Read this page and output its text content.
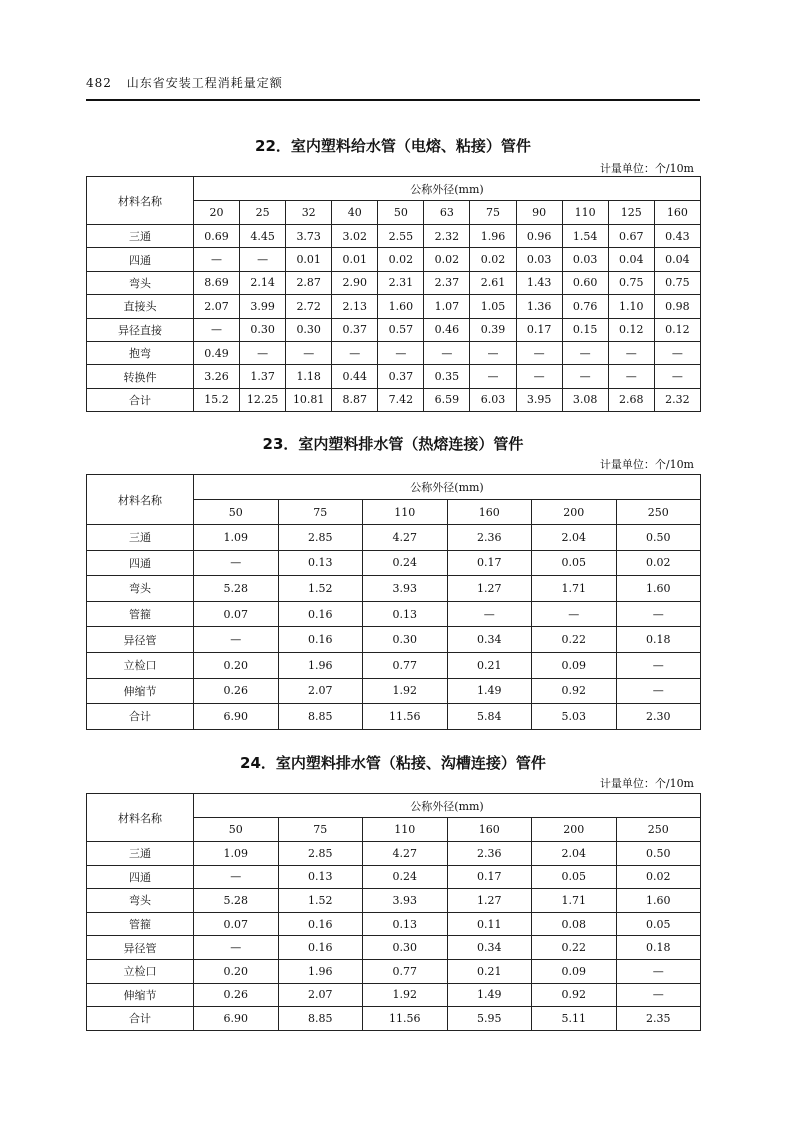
482 山东省安装工程消耗量定额
22．室内塑料给水管（电熔、粘接）管件
计量单位：个/10m
材料名称	公称外径(mm)										
	20	25	32	40	50	63	75	90	110	125	160
三通	0.69	4.45	3.73	3.02	2.55	2.32	1.96	0.96	1.54	0.67	0.43
四通	—	—	0.01	0.01	0.02	0.02	0.02	0.03	0.03	0.04	0.04
弯头	8.69	2.14	2.87	2.90	2.31	2.37	2.61	1.43	0.60	0.75	0.75
直接头	2.07	3.99	2.72	2.13	1.60	1.07	1.05	1.36	0.76	1.10	0.98
异径直接	—	0.30	0.30	0.37	0.57	0.46	0.39	0.17	0.15	0.12	0.12
抱弯	0.49	—	—	—	—	—	—	—	—	—	—
转换件	3.26	1.37	1.18	0.44	0.37	0.35	—	—	—	—	—
合计	15.2	12.25	10.81	8.87	7.42	6.59	6.03	3.95	3.08	2.68	2.32
23．室内塑料排水管（热熔连接）管件
计量单位：个/10m
材料名称	公称外径(mm)					
	50	75	110	160	200	250
三通	1.09	2.85	4.27	2.36	2.04	0.50
四通	—	0.13	0.24	0.17	0.05	0.02
弯头	5.28	1.52	3.93	1.27	1.71	1.60
管箍	0.07	0.16	0.13	—	—	—
异径管	—	0.16	0.30	0.34	0.22	0.18
立检口	0.20	1.96	0.77	0.21	0.09	—
伸缩节	0.26	2.07	1.92	1.49	0.92	—
合计	6.90	8.85	11.56	5.84	5.03	2.30
24．室内塑料排水管（粘接、沟槽连接）管件
计量单位：个/10m
材料名称	公称外径(mm)					
	50	75	110	160	200	250
三通	1.09	2.85	4.27	2.36	2.04	0.50
四通	—	0.13	0.24	0.17	0.05	0.02
弯头	5.28	1.52	3.93	1.27	1.71	1.60
管箍	0.07	0.16	0.13	0.11	0.08	0.05
异径管	—	0.16	0.30	0.34	0.22	0.18
立检口	0.20	1.96	0.77	0.21	0.09	—
伸缩节	0.26	2.07	1.92	1.49	0.92	—
合计	6.90	8.85	11.56	5.95	5.11	2.35
